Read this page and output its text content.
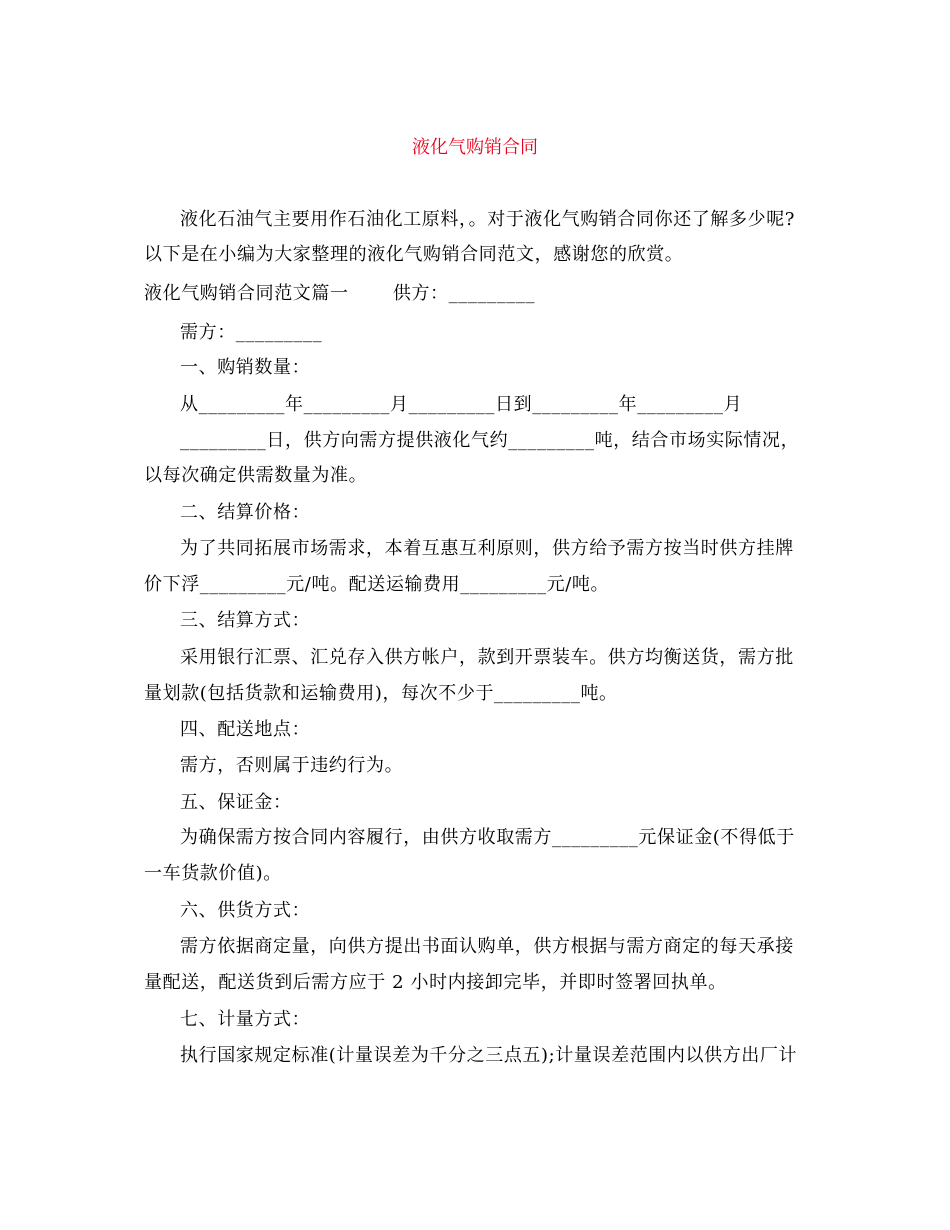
液化气购销合同
液化石油气主要用作石油化工原料，。对于液化气购销合同你还了解多少呢?
以下是在小编为大家整理的液化气购销合同范文，感谢您的欣赏。
液化气购销合同范文篇一       供方：_________
需方：_________
一、购销数量：
从_________年_________月_________日到_________年_________月
_________日，供方向需方提供液化气约_________吨，结合市场实际情况，
以每次确定供需数量为准。
二、结算价格：
为了共同拓展市场需求，本着互惠互利原则，供方给予需方按当时供方挂牌
价下浮_________元/吨。配送运输费用_________元/吨。
三、结算方式：
采用银行汇票、汇兑存入供方帐户，款到开票装车。供方均衡送货，需方批
量划款(包括货款和运输费用)，每次不少于_________吨。
四、配送地点：
需方，否则属于违约行为。
五、保证金：
为确保需方按合同内容履行，由供方收取需方_________元保证金(不得低于
一车货款价值)。
六、供货方式：
需方依据商定量，向供方提出书面认购单，供方根据与需方商定的每天承接
量配送，配送货到后需方应于 2 小时内接卸完毕，并即时签署回执单。
七、计量方式：
执行国家规定标准(计量误差为千分之三点五);计量误差范围内以供方出厂计
